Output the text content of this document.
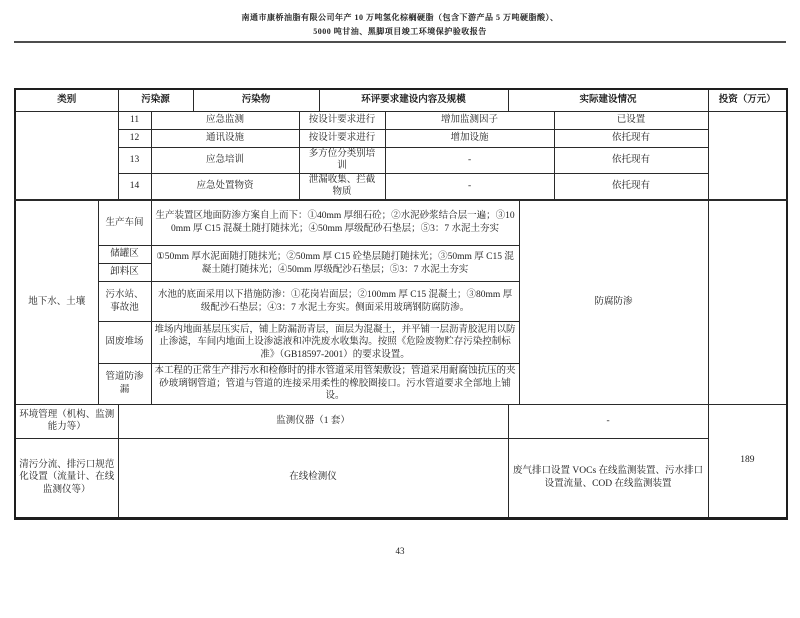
南通市康桥油脂有限公司年产 10 万吨氢化棕榈硬脂（包含下游产品 5 万吨硬脂酸）、
5000 吨甘油、黑脚项目竣工环境保护验收报告
类别		污染源		污染物		环评要求建设内容及规模		实际建设情况			投资（万元）
		11	应急监测		按设计要求进行		增加监测因子			已设置	
		12	通讯设施		按设计要求进行		增加设施			依托现有	
		13	应急培训		多方位分类别培训		-			依托现有	
		14	应急处置物资		泄漏收集、拦截物质		-			依托现有	
地下水、土壤	生产车间		生产装置区地面防渗方案自上而下：①40mm 厚细石砼；②水泥砂浆结合层一遍；③100mm 厚 C15 混凝土随打随抹光；④50mm 厚级配砂石垫层；⑤3：7 水泥土夯实						防腐防渗		
	储罐区		①50mm 厚水泥面随打随抹光；②50mm 厚 C15 砼垫层随打随抹光；③50mm 厚 C15 混凝土随打随抹光；④50mm 厚级配沙石垫层；⑤3：7 水泥土夯实								
	卸料区										
	污水站、事故池		水池的底面采用以下措施防渗：①花岗岩面层；②100mm 厚 C15 混凝土；③80mm 厚级配沙石垫层；④3：7 水泥土夯实。侧面采用玻璃钢防腐防渗。								
	固废堆场		堆场内地面基层压实后，铺上防漏沥青层，面层为混凝土，并平铺一层沥青胶泥用以防止渗滤，车间内地面上设渗滤液和冲洗废水收集沟。按照《危险废物贮存污染控制标准》（GB18597-2001）的要求设置。								
	管道防渗漏		本工程的正常生产排污水和检修时的排水管道采用管架敷设；管道采用耐腐蚀抗压的夹砂玻璃钢管道；管道与管道的连接采用柔性的橡胶圈接口。污水管道要求全部地上铺设。								
环境管理（机构、监测能力等）		监测仪器（1 套）						-			189
清污分流、排污口规范化设置（流量计、在线监测仪等）		在线检测仪						废气排口设置 VOCs 在线监测装置、污水排口设置流量、COD 在线监测装置			
43
